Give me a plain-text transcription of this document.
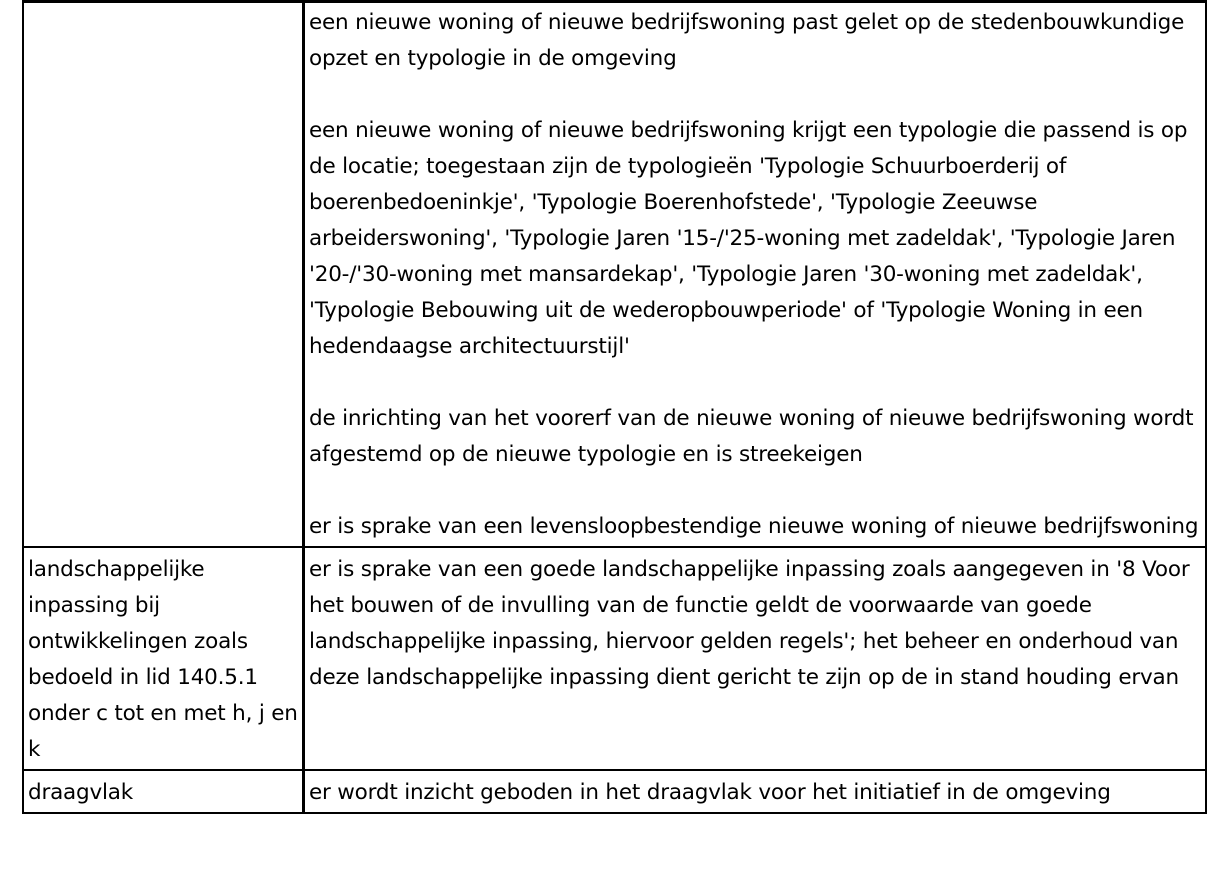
	een nieuwe woning of nieuwe bedrijfswoning past gelet op de stedenbouwkundige opzet en typologie in de omgeving

een nieuwe woning of nieuwe bedrijfswoning krijgt een typologie die passend is op de locatie; toegestaan zijn de typologieën 'Typologie Schuurboerderij of boerenbedoeninkje', 'Typologie Boerenhofstede', 'Typologie Zeeuwse arbeiderswoning', 'Typologie Jaren '15-/'25-woning met zadeldak', 'Typologie Jaren '20-/'30-woning met mansardekap', 'Typologie Jaren '30-woning met zadeldak', 'Typologie Bebouwing uit de wederopbouwperiode' of 'Typologie Woning in een hedendaagse architectuurstijl'

de inrichting van het voorerf van de nieuwe woning of nieuwe bedrijfswoning wordt afgestemd op de nieuwe typologie en is streekeigen

er is sprake van een levensloopbestendige nieuwe woning of nieuwe bedrijfswoning

landschappelijke inpassing bij ontwikkelingen zoals bedoeld in lid 140.5.1 onder c tot en met h, j en k	er is sprake van een goede landschappelijke inpassing zoals aangegeven in '8 Voor het bouwen of de invulling van de functie geldt de voorwaarde van goede landschappelijke inpassing, hiervoor gelden regels'; het beheer en onderhoud van deze landschappelijke inpassing dient gericht te zijn op de in stand houding ervan

draagvlak	er wordt inzicht geboden in het draagvlak voor het initiatief in de omgeving
